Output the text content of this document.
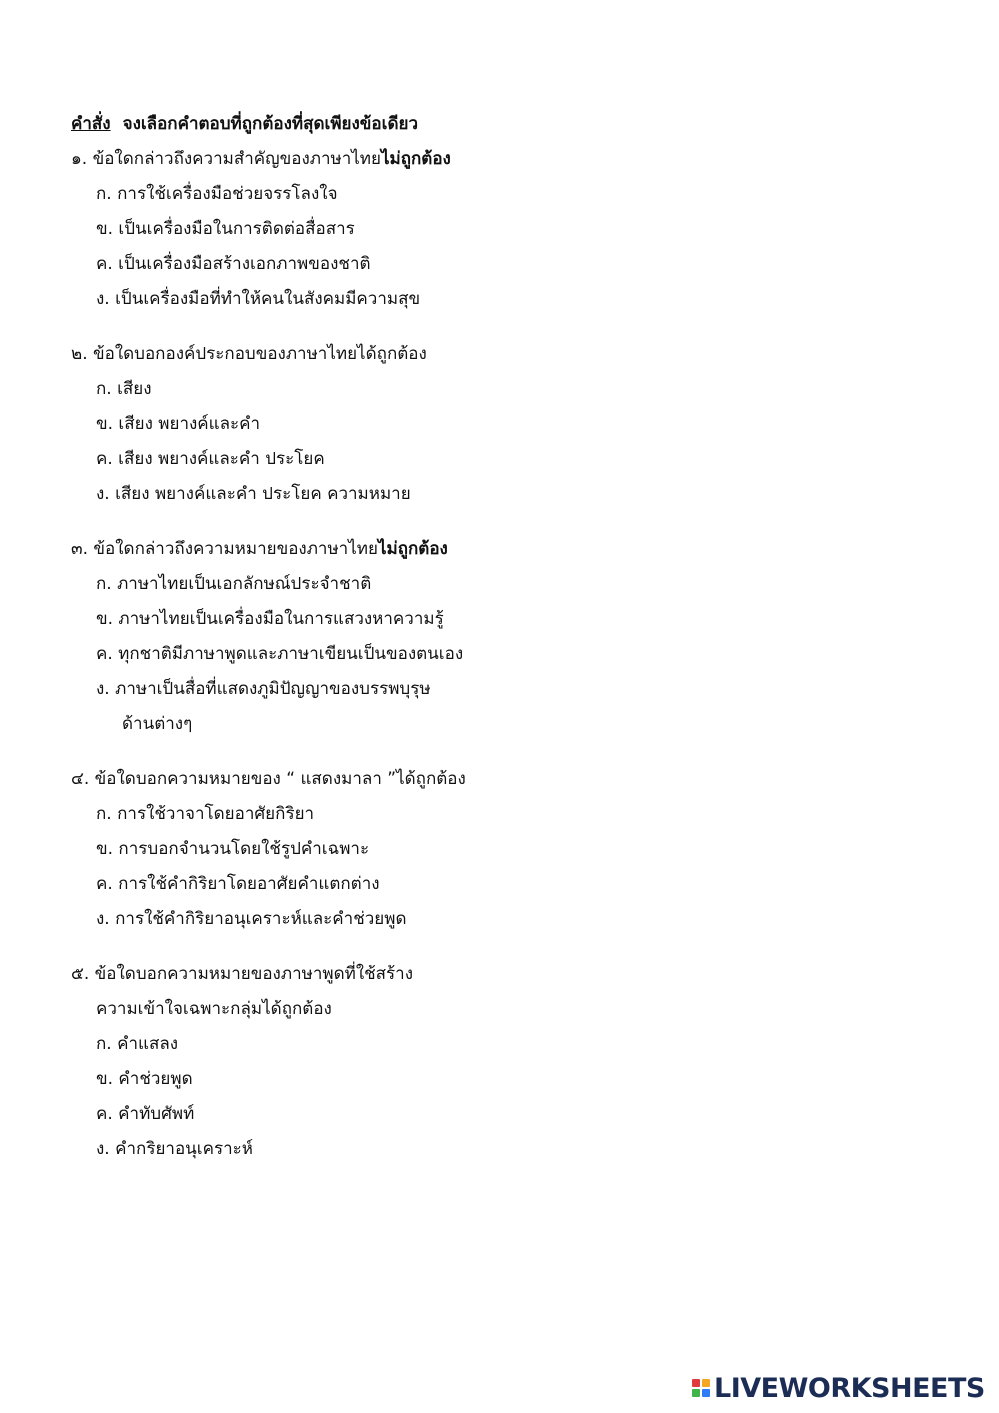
คำสั่ง จงเลือกคำตอบที่ถูกต้องที่สุดเพียงข้อเดียว
๑. ข้อใดกล่าวถึงความสำคัญของภาษาไทยไม่ถูกต้อง
ก. การใช้เครื่องมือช่วยจรรโลงใจ
ข. เป็นเครื่องมือในการติดต่อสื่อสาร
ค. เป็นเครื่องมือสร้างเอกภาพของชาติ
ง. เป็นเครื่องมือที่ทำให้คนในสังคมมีความสุข
๒. ข้อใดบอกองค์ประกอบของภาษาไทยได้ถูกต้อง
ก. เสียง
ข. เสียง พยางค์และคำ
ค. เสียง พยางค์และคำ ประโยค
ง. เสียง พยางค์และคำ ประโยค ความหมาย
๓. ข้อใดกล่าวถึงความหมายของภาษาไทยไม่ถูกต้อง
ก. ภาษาไทยเป็นเอกลักษณ์ประจำชาติ
ข. ภาษาไทยเป็นเครื่องมือในการแสวงหาความรู้
ค. ทุกชาติมีภาษาพูดและภาษาเขียนเป็นของตนเอง
ง. ภาษาเป็นสื่อที่แสดงภูมิปัญญาของบรรพบุรุษ
ด้านต่างๆ
๔. ข้อใดบอกความหมายของ “ แสดงมาลา ”ได้ถูกต้อง
ก. การใช้วาจาโดยอาศัยกิริยา
ข. การบอกจำนวนโดยใช้รูปคำเฉพาะ
ค. การใช้คำกิริยาโดยอาศัยคำแตกต่าง
ง. การใช้คำกิริยาอนุเคราะห์และคำช่วยพูด
๕. ข้อใดบอกความหมายของภาษาพูดที่ใช้สร้าง
ความเข้าใจเฉพาะกลุ่มได้ถูกต้อง
ก. คำแสลง
ข. คำช่วยพูด
ค. คำทับศัพท์
ง. คำกริยาอนุเคราะห์
LIVEWORKSHEETS
